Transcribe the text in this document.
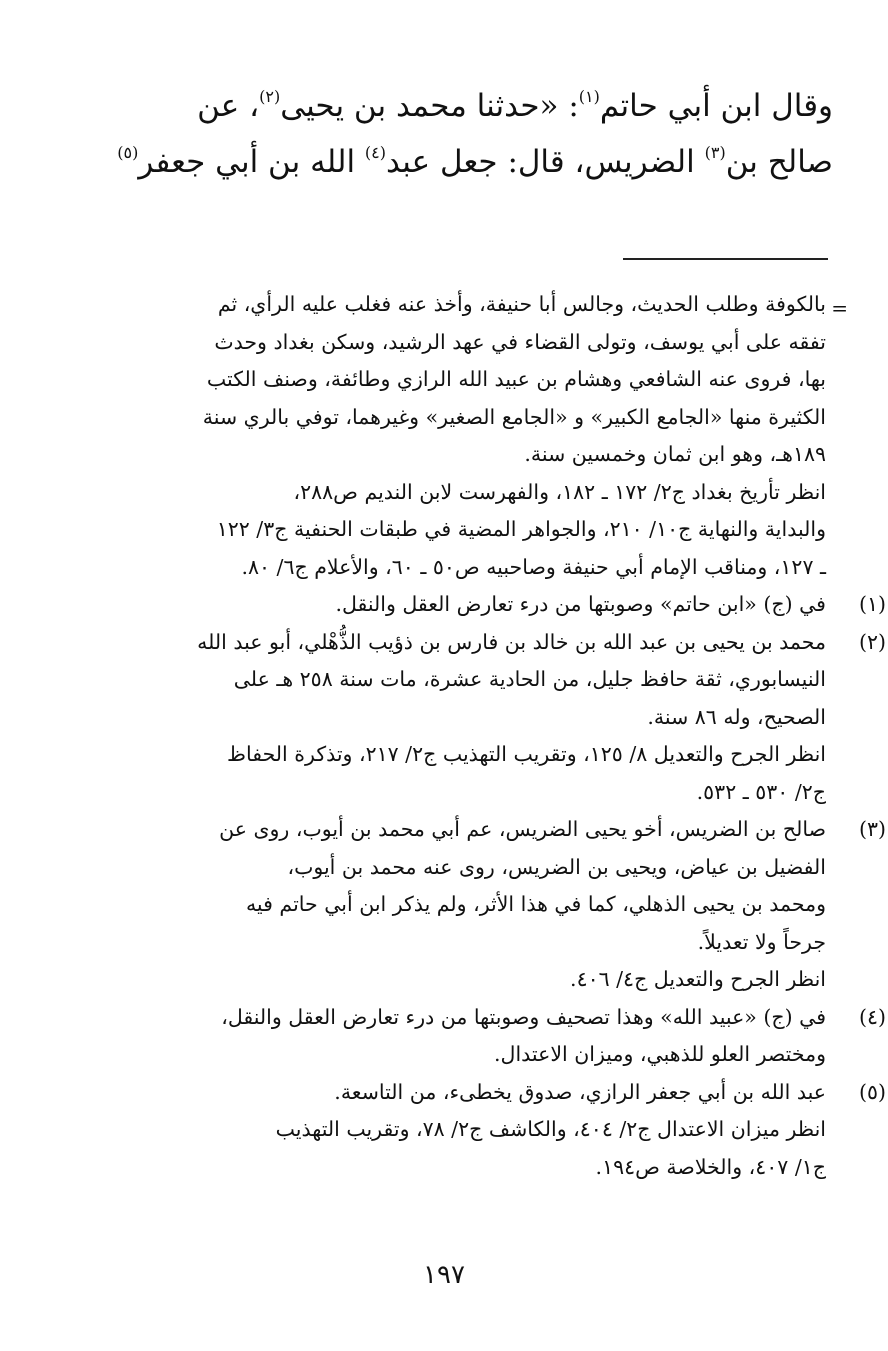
وقال ابن أبي حاتم$^{(١)}$: «حدثنا محمد بن يحيى$^{(٢)}$، عن
صالح بن$^{(٣)}$ الضريس، قال: جعل عبد$^{(٤)}$ الله بن أبي جعفر$^{(٥)}$
=
بالكوفة وطلب الحديث، وجالس أبا حنيفة، وأخذ عنه فغلب عليه الرأي، ثم
تفقه على أبي يوسف، وتولى القضاء في عهد الرشيد، وسكن بغداد وحدث
بها، فروى عنه الشافعي وهشام بن عبيد الله الرازي وطائفة، وصنف الكتب
الكثيرة منها «الجامع الكبير» و «الجامع الصغير» وغيرهما، توفي بالري سنة
١٨٩هـ، وهو ابن ثمان وخمسين سنة.
انظر تأريخ بغداد ج٢/ ١٧٢ ـ ١٨٢، والفهرست لابن النديم ص٢٨٨،
والبداية والنهاية ج١٠/ ٢١٠، والجواهر المضية في طبقات الحنفية ج٣/ ١٢٢
ـ ١٢٧، ومناقب الإمام أبي حنيفة وصاحبيه ص٥٠ ـ ٦٠، والأعلام ج٦/ ٨٠.
(١)
في (ج) «ابن حاتم» وصوبتها من درء تعارض العقل والنقل.
(٢)
محمد بن يحيى بن عبد الله بن خالد بن فارس بن ذؤيب الذُّهْلي، أبو عبد الله
النيسابوري، ثقة حافظ جليل، من الحادية عشرة، مات سنة ٢٥٨ هـ على
الصحيح، وله ٨٦ سنة.
انظر الجرح والتعديل ٨/ ١٢٥، وتقريب التهذيب ج٢/ ٢١٧، وتذكرة الحفاظ
ج٢/ ٥٣٠ ـ ٥٣٢.
(٣)
صالح بن الضريس، أخو يحيى الضريس، عم أبي محمد بن أيوب، روى عن
الفضيل بن عياض، ويحيى بن الضريس، روى عنه محمد بن أيوب،
ومحمد بن يحيى الذهلي، كما في هذا الأثر، ولم يذكر ابن أبي حاتم فيه
جرحاً ولا تعديلاً.
انظر الجرح والتعديل ج٤/ ٤٠٦.
(٤)
في (ج) «عبيد الله» وهذا تصحيف وصوبتها من درء تعارض العقل والنقل،
ومختصر العلو للذهبي، وميزان الاعتدال.
(٥)
عبد الله بن أبي جعفر الرازي، صدوق يخطىء، من التاسعة.
انظر ميزان الاعتدال ج٢/ ٤٠٤، والكاشف ج٢/ ٧٨، وتقريب التهذيب
ج١/ ٤٠٧، والخلاصة ص١٩٤.
١٩٧
